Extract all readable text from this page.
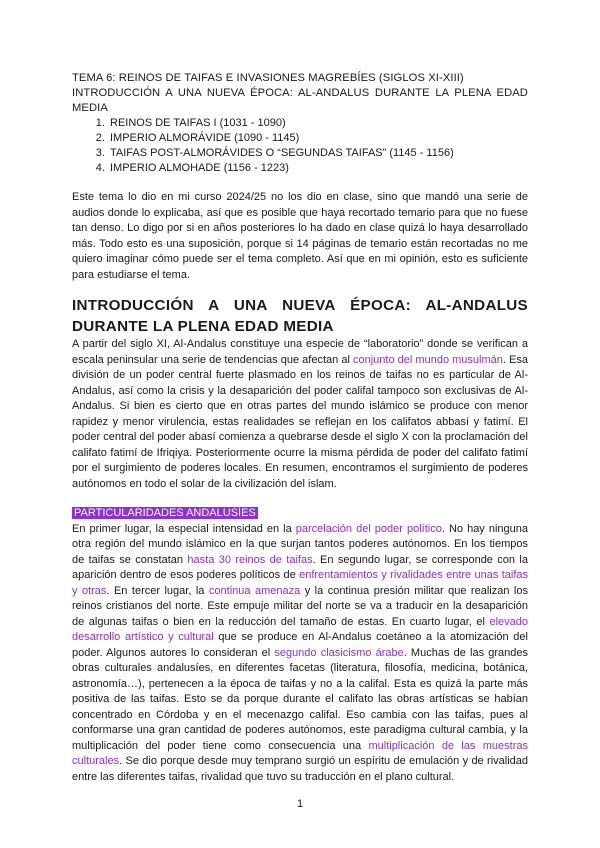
TEMA 6: REINOS DE TAIFAS E INVASIONES MAGREBÍES (SIGLOS XI-XIII)
INTRODUCCIÓN A UNA NUEVA ÉPOCA: AL-ANDALUS DURANTE LA PLENA EDAD MEDIA
1. REINOS DE TAIFAS I (1031 - 1090)
2. IMPERIO ALMORÁVIDE (1090 - 1145)
3. TAIFAS POST-ALMORÁVIDES O “SEGUNDAS TAIFAS” (1145 - 1156)
4. IMPERIO ALMOHADE (1156 - 1223)

Este tema lo dio en mi curso 2024/25 no los dio en clase, sino que mandó una serie de audios donde lo explicaba, así que es posible que haya recortado temario para que no fuese tan denso. Lo digo por si en años posteriores lo ha dado en clase quizá lo haya desarrollado más. Todo esto es una suposición, porque si 14 páginas de temario están recortadas no me quiero imaginar cómo puede ser el tema completo. Así que en mi opinión, esto es suficiente para estudiarse el tema.

INTRODUCCIÓN A UNA NUEVA ÉPOCA: AL-ANDALUS DURANTE LA PLENA EDAD MEDIA

A partir del siglo XI, Al-Andalus constituye una especie de “laboratorio” donde se verifican a escala peninsular una serie de tendencias que afectan al conjunto del mundo musulmán. Esa división de un poder central fuerte plasmado en los reinos de taifas no es particular de Al-Andalus, así como la crisis y la desaparición del poder califal tampoco son exclusivas de Al-Andalus. Si bien es cierto que en otras partes del mundo islámico se produce con menor rapidez y menor virulencia, estas realidades se reflejan en los califatos abbasí y fatimí. El poder central del poder abasí comienza a quebrarse desde el siglo X con la proclamación del califato fatimí de Ifriqiya. Posteriormente ocurre la misma pérdida de poder del califato fatimí por el surgimiento de poderes locales. En resumen, encontramos el surgimiento de poderes autónomos en todo el solar de la civilización del islam.

PARTICULARIDADES ANDALUSÍES

En primer lugar, la especial intensidad en la parcelación del poder político. No hay ninguna otra región del mundo islámico en la que surjan tantos poderes autónomos. En los tiempos de taifas se constatan hasta 30 reinos de taifas. En segundo lugar, se corresponde con la aparición dentro de esos poderes políticos de enfrentamientos y rivalidades entre unas taifas y otras. En tercer lugar, la continua amenaza y la continua presión militar que realizan los reinos cristianos del norte. Este empuje militar del norte se va a traducir en la desaparición de algunas taifas o bien en la reducción del tamaño de estas. En cuarto lugar, el elevado desarrollo artístico y cultural que se produce en Al-Andalus coetáneo a la atomización del poder. Algunos autores lo consideran el segundo clasicismo árabe. Muchas de las grandes obras culturales andalusíes, en diferentes facetas (literatura, filosofía, medicina, botánica, astronomía…), pertenecen a la época de taifas y no a la califal. Esta es quizá la parte más positiva de las taifas. Esto se da porque durante el califato las obras artísticas se habían concentrado en Córdoba y en el mecenazgo califal. Eso cambia con las taifas, pues al conformarse una gran cantidad de poderes autónomos, este paradigma cultural cambia, y la multiplicación del poder tiene como consecuencia una multiplicación de las muestras culturales. Se dio porque desde muy temprano surgió un espíritu de emulación y de rivalidad entre las diferentes taifas, rivalidad que tuvo su traducción en el plano cultural.

1
